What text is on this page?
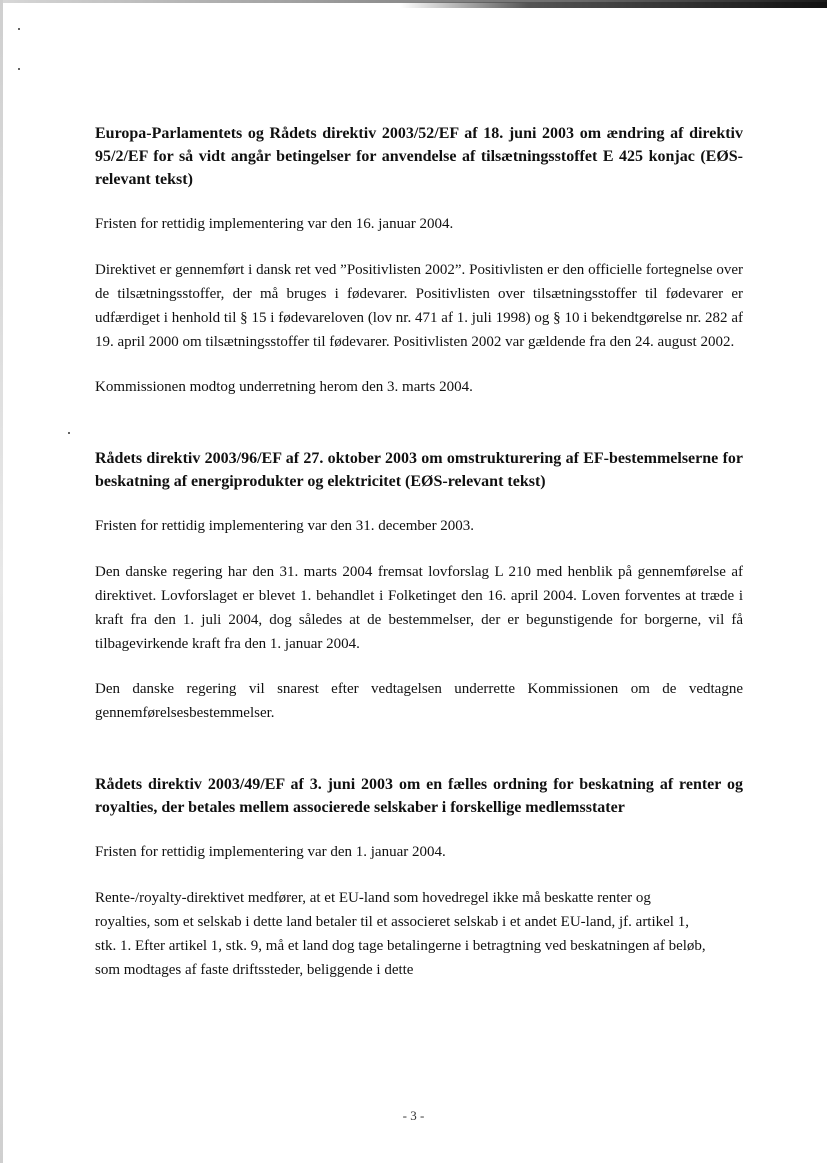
Europa-Parlamentets og Rådets direktiv 2003/52/EF af 18. juni 2003 om ændring af direktiv 95/2/EF for så vidt angår betingelser for anvendelse af tilsætningsstoffet E 425 konjac (EØS-relevant tekst)

Fristen for rettidig implementering var den 16. januar 2004.

Direktivet er gennemført i dansk ret ved ”Positivlisten 2002”. Positivlisten er den officielle fortegnelse over de tilsætningsstoffer, der må bruges i fødevarer. Positivlisten over tilsætningsstoffer til fødevarer er udfærdiget i henhold til § 15 i fødevareloven (lov nr. 471 af 1. juli 1998) og § 10 i bekendtgørelse nr. 282 af 19. april 2000 om tilsætningsstoffer til fødevarer. Positivlisten 2002 var gældende fra den 24. august 2002.

Kommissionen modtog underretning herom den 3. marts 2004.

Rådets direktiv 2003/96/EF af 27. oktober 2003 om omstrukturering af EF-bestemmelserne for beskatning af energiprodukter og elektricitet (EØS-relevant tekst)

Fristen for rettidig implementering var den 31. december 2003.

Den danske regering har den 31. marts 2004 fremsat lovforslag L 210 med henblik på gennemførelse af direktivet. Lovforslaget er blevet 1. behandlet i Folketinget den 16. april 2004. Loven forventes at træde i kraft fra den 1. juli 2004, dog således at de bestemmelser, der er begunstigende for borgerne, vil få tilbagevirkende kraft fra den 1. januar 2004.

Den danske regering vil snarest efter vedtagelsen underrette Kommissionen om de vedtagne gennemførelsesbestemmelser.

Rådets direktiv 2003/49/EF af 3. juni 2003 om en fælles ordning for beskatning af renter og royalties, der betales mellem associerede selskaber i forskellige medlemsstater

Fristen for rettidig implementering var den 1. januar 2004.

Rente-/royalty-direktivet medfører, at et EU-land som hovedregel ikke må beskatte renter og royalties, som et selskab i dette land betaler til et associeret selskab i et andet EU-land, jf. artikel 1, stk. 1. Efter artikel 1, stk. 9, må et land dog tage betalingerne i betragtning ved beskatningen af beløb, som modtages af faste driftssteder, beliggende i dette

- 3 -
